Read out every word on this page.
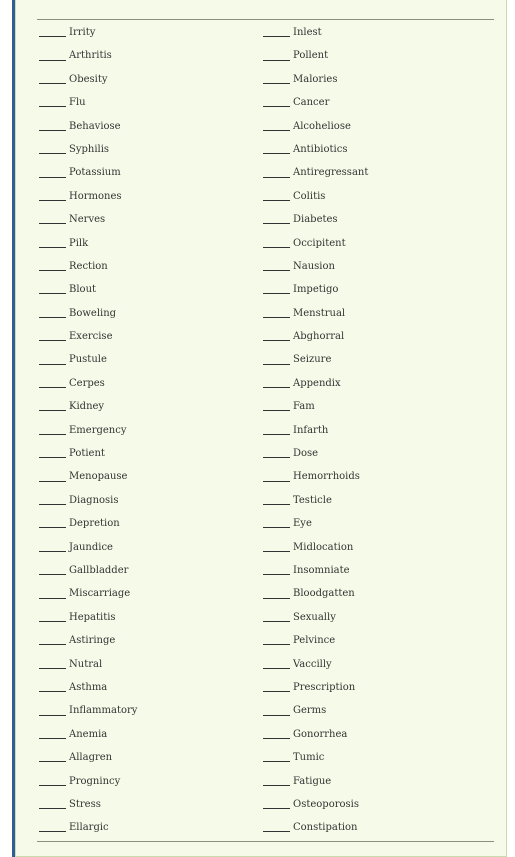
Irrity
Arthritis
Obesity
Flu
Behaviose
Syphilis
Potassium
Hormones
Nerves
Pilk
Rection
Blout
Boweling
Exercise
Pustule
Cerpes
Kidney
Emergency
Potient
Menopause
Diagnosis
Depretion
Jaundice
Gallbladder
Miscarriage
Hepatitis
Astiringe
Nutral
Asthma
Inflammatory
Anemia
Allagren
Prognincy
Stress
Ellargic
Inlest
Pollent
Malories
Cancer
Alcoheliose
Antibiotics
Antiregressant
Colitis
Diabetes
Occipitent
Nausion
Impetigo
Menstrual
Abghorral
Seizure
Appendix
Fam
Infarth
Dose
Hemorrhoids
Testicle
Eye
Midlocation
Insomniate
Bloodgatten
Sexually
Pelvince
Vaccilly
Prescription
Germs
Gonorrhea
Tumic
Fatigue
Osteoporosis
Constipation
